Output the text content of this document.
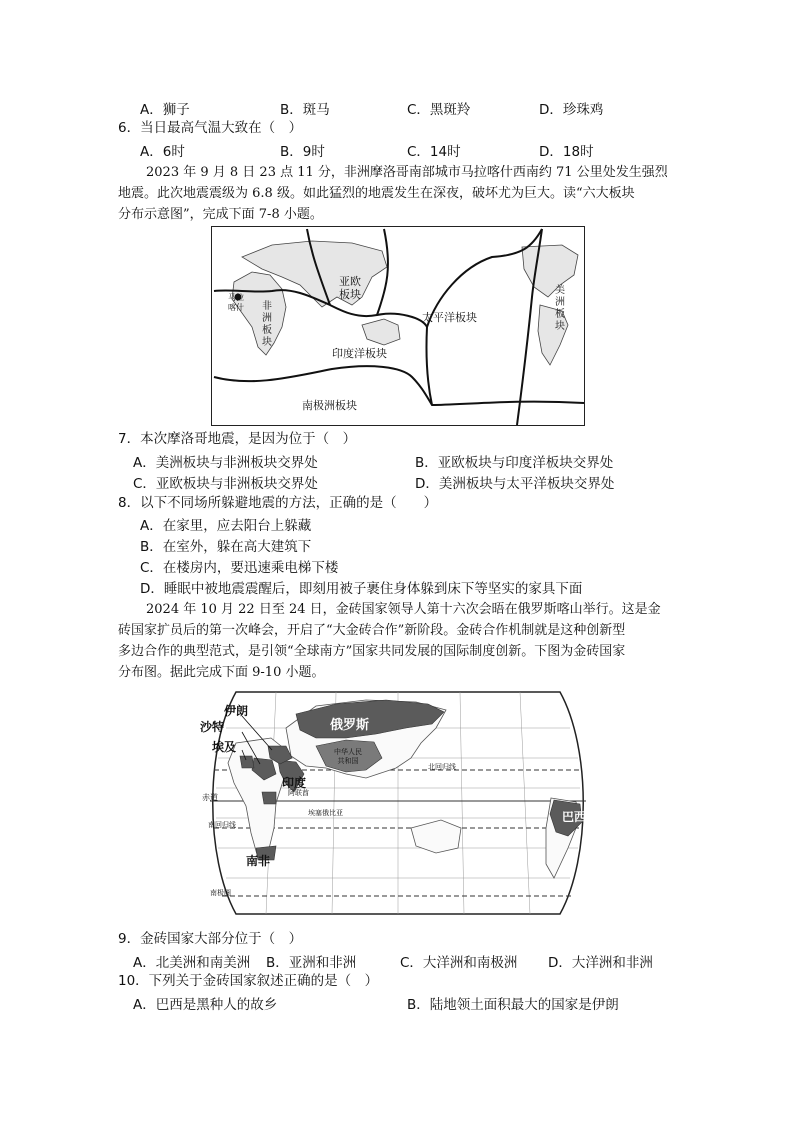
A．狮子	B．斑马	C．黑斑羚	D．珍珠鸡
6．当日最高气温大致在（　）
A．6时	B．9时	C．14时	D．18时
2023 年 9 月 8 日 23 点 11 分，非洲摩洛哥南部城市马拉喀什西南约 71 公里处发生强烈
地震。此次地震震级为 6.8 级。如此猛烈的地震发生在深夜，破坏尤为巨大。读“六大板块
分布示意图”，完成下面 7-8 小题。
亚欧
板块
马拉
喀什 非
洲
板
块
太平洋板块
美
洲
板
块
印度洋板块
南极洲板块
7．本次摩洛哥地震，是因为位于（　）
A．美洲板块与非洲板块交界处	B．亚欧板块与印度洋板块交界处
C．亚欧板块与非洲板块交界处	D．美洲板块与太平洋板块交界处
8．以下不同场所躲避地震的方法，正确的是（　　）
A．在家里，应去阳台上躲藏
B．在室外，躲在高大建筑下
C．在楼房内，要迅速乘电梯下楼
D．睡眠中被地震震醒后，即刻用被子裹住身体躲到床下等坚实的家具下面
2024 年 10 月 22 日至 24 日，金砖国家领导人第十六次会晤在俄罗斯喀山举行。这是金
砖国家扩员后的第一次峰会，开启了“大金砖合作”新阶段。金砖合作机制就是这种创新型
多边合作的典型范式，是引领“全球南方”国家共同发展的国际制度创新。下图为金砖国家
分布图。据此完成下面 9-10 小题。
伊朗
沙特
埃及
俄罗斯
中华人民
共和国
印度
阿联酋
北回归线
赤道
埃塞俄比亚
南回归线
南非
巴西
南极圈
9．金砖国家大部分位于（　）
A．北美洲和南美洲 B．亚洲和非洲	C．大洋洲和南极洲 D．大洋洲和非洲
10．下列关于金砖国家叙述正确的是（　）
A．巴西是黑种人的故乡	B．陆地领土面积最大的国家是伊朗
